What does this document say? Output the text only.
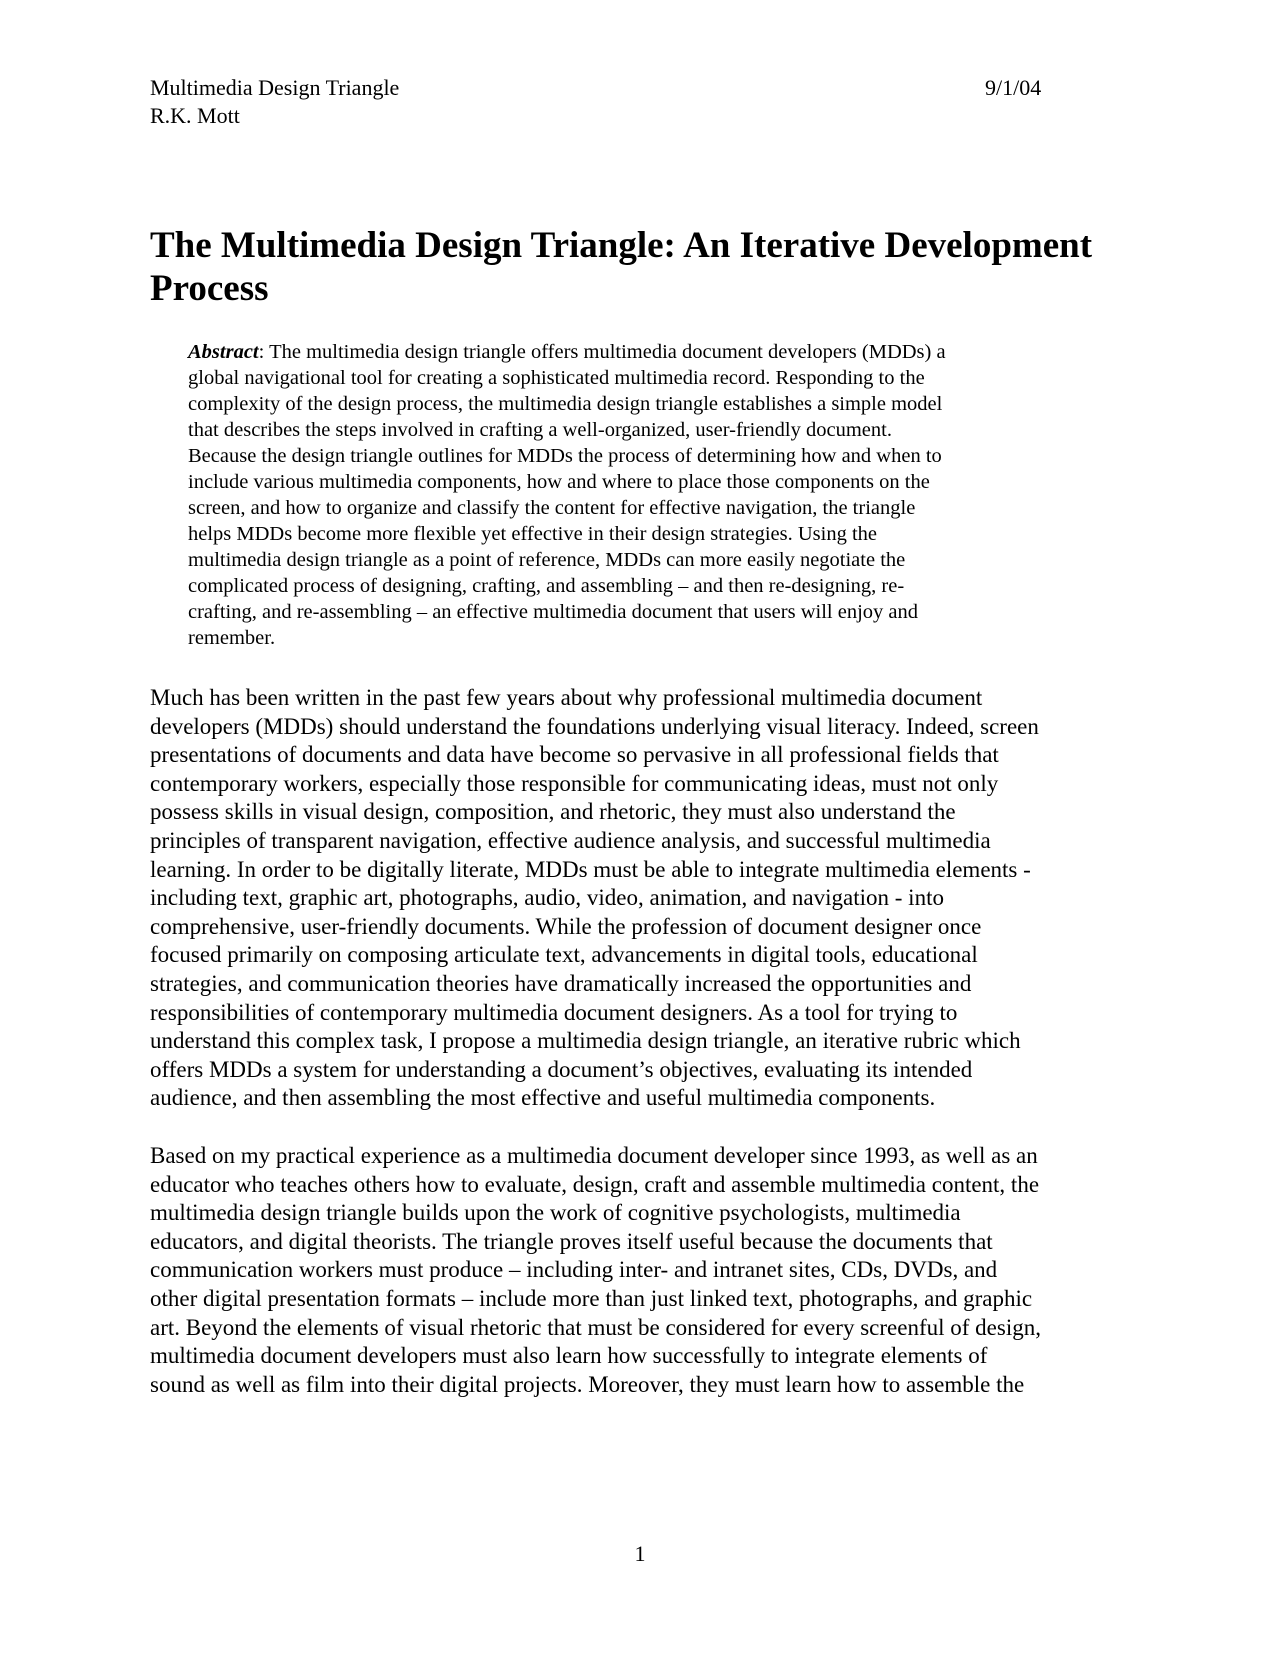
Multimedia Design Triangle
R.K. Mott
9/1/04
The Multimedia Design Triangle: An Iterative Development Process

Abstract: The multimedia design triangle offers multimedia document developers (MDDs) a
global navigational tool for creating a sophisticated multimedia record. Responding to the
complexity of the design process, the multimedia design triangle establishes a simple model
that describes the steps involved in crafting a well-organized, user-friendly document.
Because the design triangle outlines for MDDs the process of determining how and when to
include various multimedia components, how and where to place those components on the
screen, and how to organize and classify the content for effective navigation, the triangle
helps MDDs become more flexible yet effective in their design strategies. Using the
multimedia design triangle as a point of reference, MDDs can more easily negotiate the
complicated process of designing, crafting, and assembling – and then re-designing, re-
crafting, and re-assembling – an effective multimedia document that users will enjoy and
remember.

Much has been written in the past few years about why professional multimedia document
developers (MDDs) should understand the foundations underlying visual literacy. Indeed, screen
presentations of documents and data have become so pervasive in all professional fields that
contemporary workers, especially those responsible for communicating ideas, must not only
possess skills in visual design, composition, and rhetoric, they must also understand the
principles of transparent navigation, effective audience analysis, and successful multimedia
learning. In order to be digitally literate, MDDs must be able to integrate multimedia elements -
including text, graphic art, photographs, audio, video, animation, and navigation - into
comprehensive, user-friendly documents. While the profession of document designer once
focused primarily on composing articulate text, advancements in digital tools, educational
strategies, and communication theories have dramatically increased the opportunities and
responsibilities of contemporary multimedia document designers. As a tool for trying to
understand this complex task, I propose a multimedia design triangle, an iterative rubric which
offers MDDs a system for understanding a document’s objectives, evaluating its intended
audience, and then assembling the most effective and useful multimedia components.

Based on my practical experience as a multimedia document developer since 1993, as well as an
educator who teaches others how to evaluate, design, craft and assemble multimedia content, the
multimedia design triangle builds upon the work of cognitive psychologists, multimedia
educators, and digital theorists. The triangle proves itself useful because the documents that
communication workers must produce – including inter- and intranet sites, CDs, DVDs, and
other digital presentation formats – include more than just linked text, photographs, and graphic
art. Beyond the elements of visual rhetoric that must be considered for every screenful of design,
multimedia document developers must also learn how successfully to integrate elements of
sound as well as film into their digital projects. Moreover, they must learn how to assemble the

1
